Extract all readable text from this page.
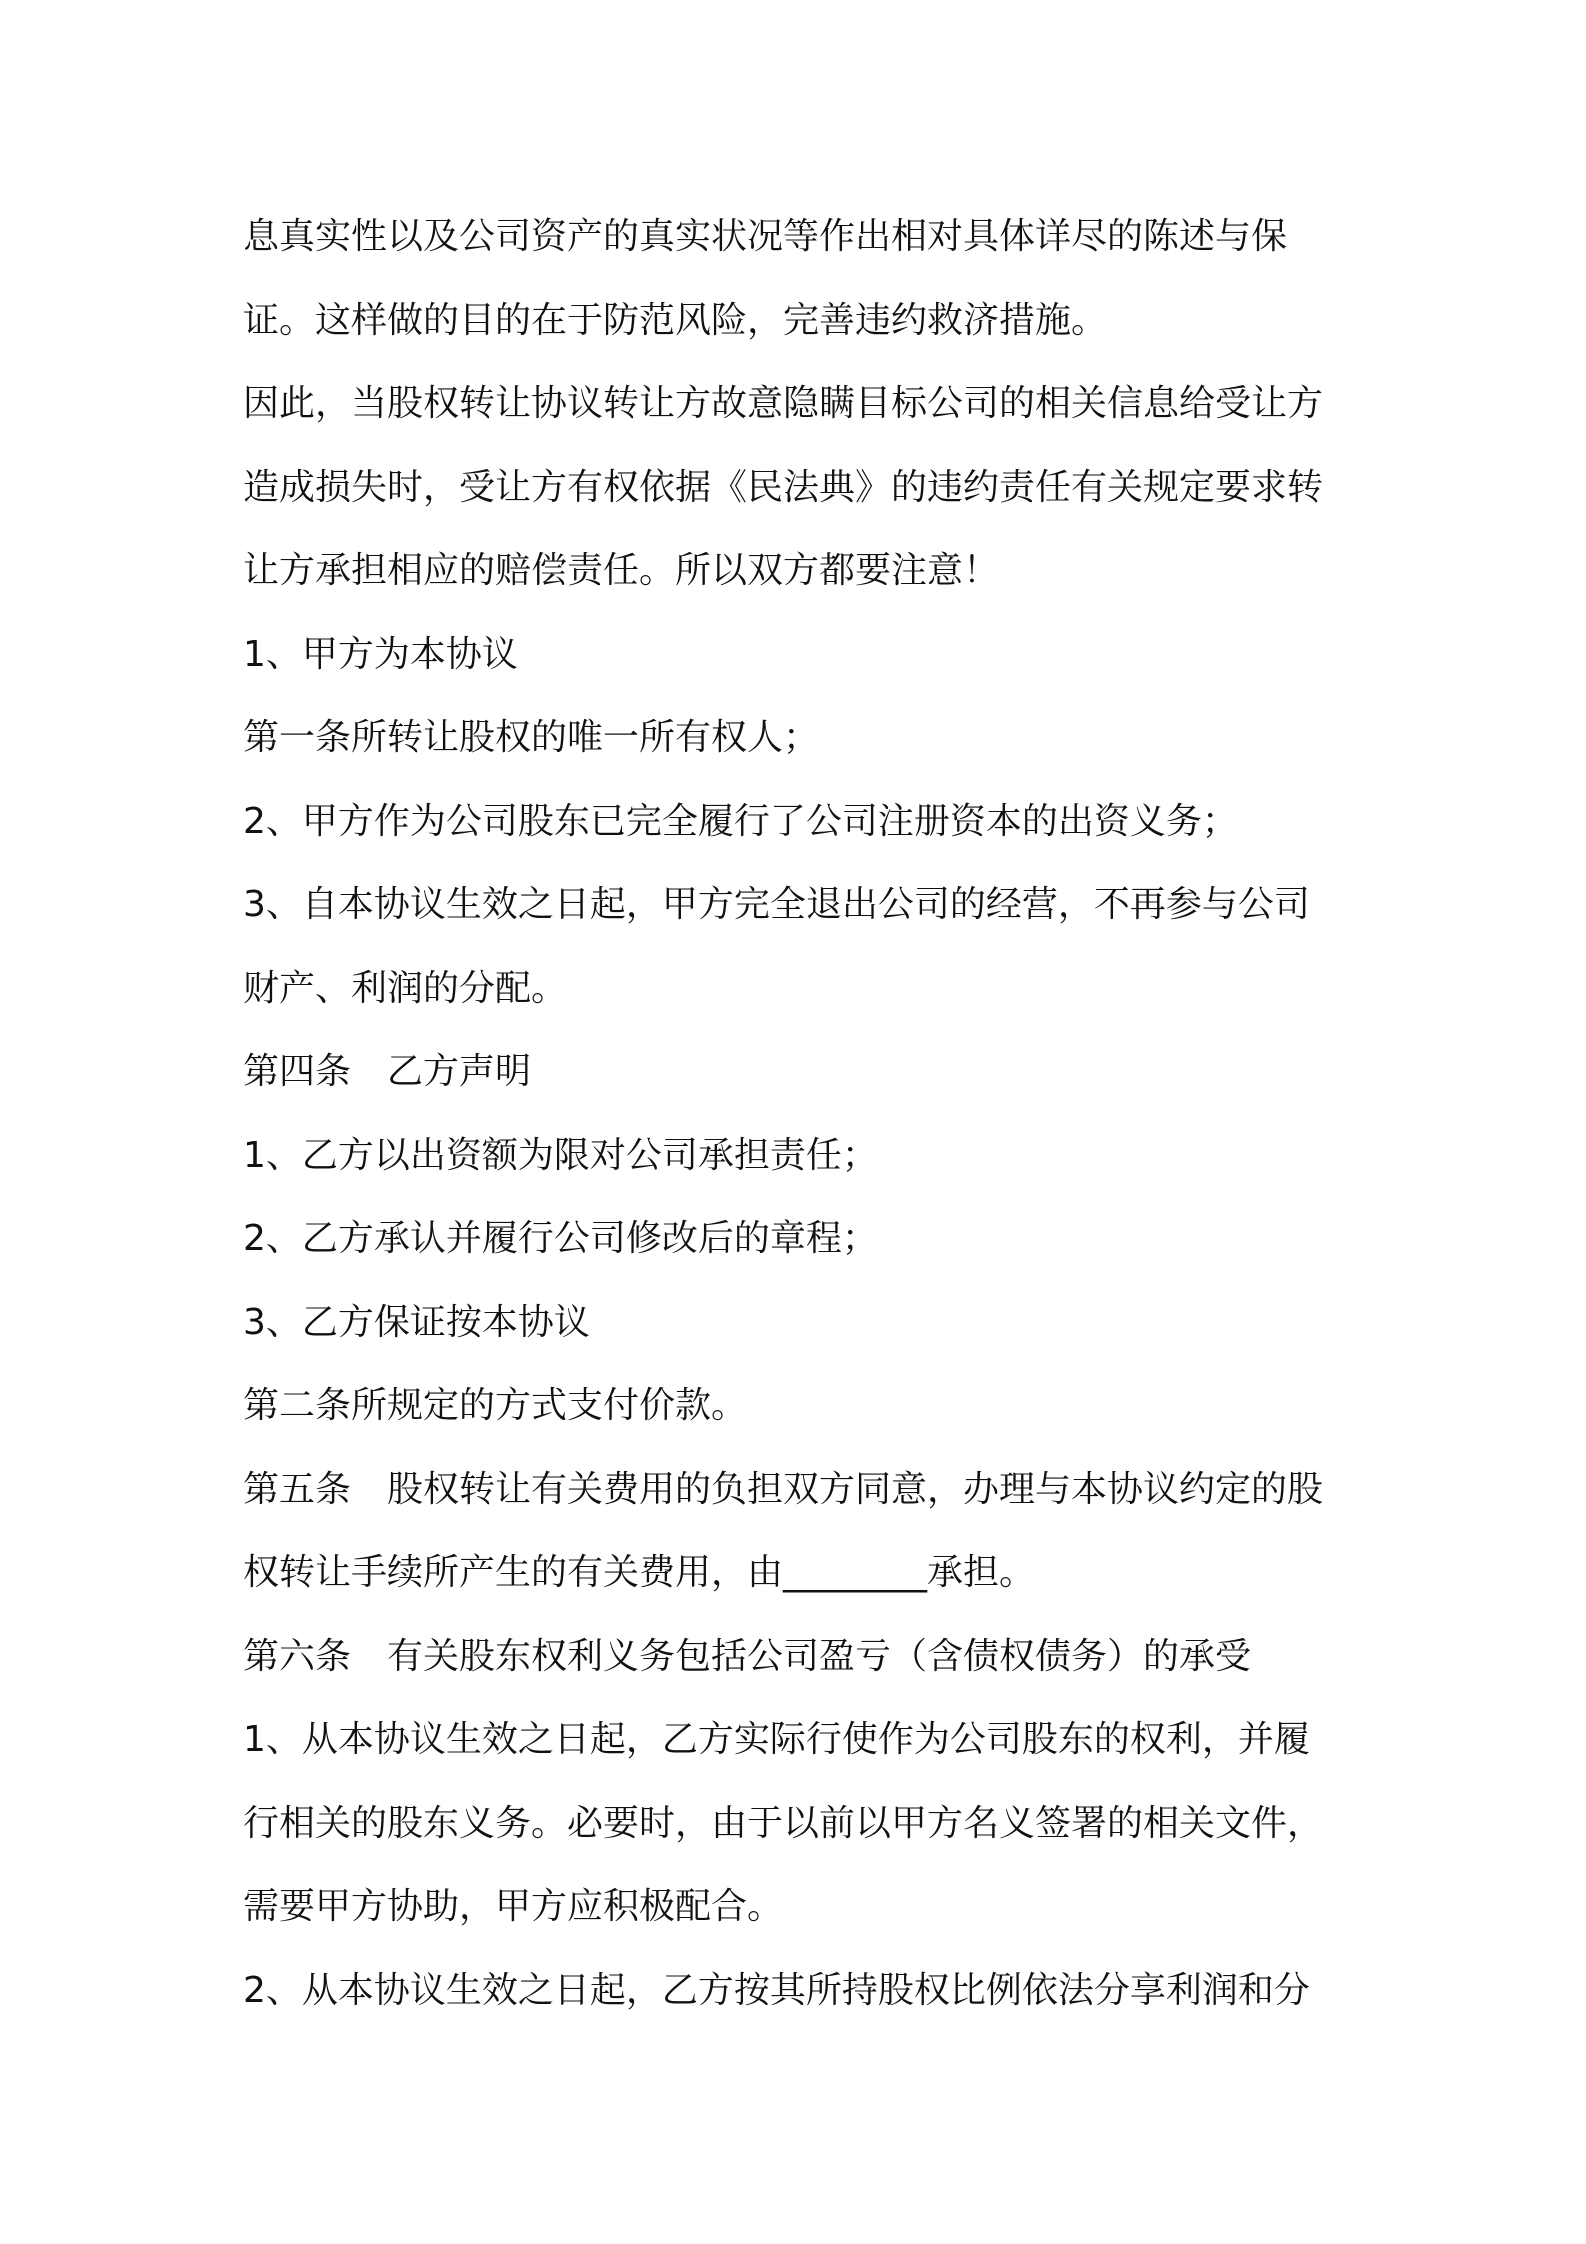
息真实性以及公司资产的真实状况等作出相对具体详尽的陈述与保
证。这样做的目的在于防范风险，完善违约救济措施。
因此，当股权转让协议转让方故意隐瞒目标公司的相关信息给受让方
造成损失时，受让方有权依据《民法典》的违约责任有关规定要求转
让方承担相应的赔偿责任。所以双方都要注意！
1、甲方为本协议
第一条所转让股权的唯一所有权人；
2、甲方作为公司股东已完全履行了公司注册资本的出资义务；
3、自本协议生效之日起，甲方完全退出公司的经营，不再参与公司
财产、利润的分配。
第四条　乙方声明
1、乙方以出资额为限对公司承担责任；
2、乙方承认并履行公司修改后的章程；
3、乙方保证按本协议
第二条所规定的方式支付价款。
第五条　股权转让有关费用的负担双方同意，办理与本协议约定的股
权转让手续所产生的有关费用，由________承担。
第六条　有关股东权利义务包括公司盈亏（含债权债务）的承受
1、从本协议生效之日起，乙方实际行使作为公司股东的权利，并履
行相关的股东义务。必要时，由于以前以甲方名义签署的相关文件，
需要甲方协助，甲方应积极配合。
2、从本协议生效之日起，乙方按其所持股权比例依法分享利润和分
